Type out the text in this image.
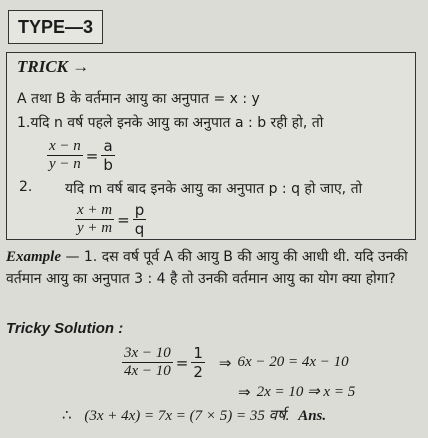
TYPE—3
TRICK →
A तथा B के वर्तमान आयु का अनुपात = x : y
1.यदि n वर्ष पहले इनके आयु का अनुपात a : b रही हो, तो
$\frac{x - n}{y - n} = \frac{a}{b}$
2. यदि m वर्ष बाद इनके आयु का अनुपात p : q हो जाए, तो
$\frac{x + m}{y + m} = \frac{p}{q}$
Example — 1. दस वर्ष पूर्व A की आयु B की आयु की आधी थी. यदि उनकी वर्तमान आयु का अनुपात 3 : 4 है तो उनकी वर्तमान आयु का योग क्या होगा?
Tricky Solution :
$\frac{3x - 10}{4x - 10} = \frac{1}{2}$ ⇒ 6x − 20 = 4x − 10
⇒ 2x = 10 ⇒ x = 5
∴ (3x + 4x) = 7x = (7 × 5) = 35 वर्ष. Ans.
